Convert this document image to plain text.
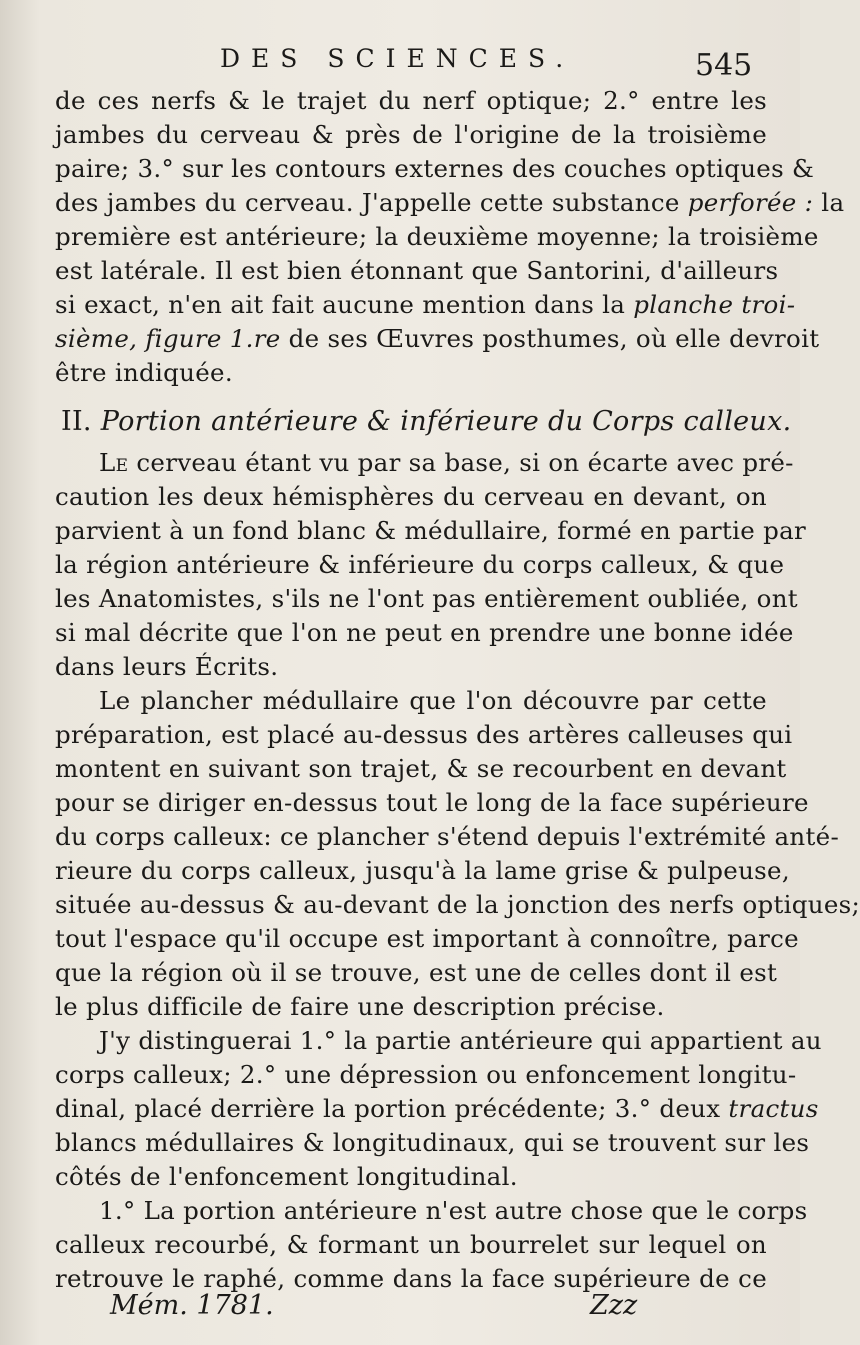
DES SCIENCES.	545
de ces nerfs & le trajet du nerf optique; 2.° entre les
jambes du cerveau & près de l'origine de la troisième
paire; 3.° sur les contours externes des couches optiques &
des jambes du cerveau. J'appelle cette substance perforée : la
première est antérieure; la deuxième moyenne; la troisième
est latérale. Il est bien étonnant que Santorini, d'ailleurs
si exact, n'en ait fait aucune mention dans la planche troi-
sième, figure 1.re de ses Œuvres posthumes, où elle devroit
être indiquée.
II. Portion antérieure & inférieure du Corps calleux.
Le cerveau étant vu par sa base, si on écarte avec pré-
caution les deux hémisphères du cerveau en devant, on
parvient à un fond blanc & médullaire, formé en partie par
la région antérieure & inférieure du corps calleux, & que
les Anatomistes, s'ils ne l'ont pas entièrement oubliée, ont
si mal décrite que l'on ne peut en prendre une bonne idée
dans leurs Écrits.
Le plancher médullaire que l'on découvre par cette
préparation, est placé au-dessus des artères calleuses qui
montent en suivant son trajet, & se recourbent en devant
pour se diriger en-dessus tout le long de la face supérieure
du corps calleux: ce plancher s'étend depuis l'extrémité anté-
rieure du corps calleux, jusqu'à la lame grise & pulpeuse,
située au-dessus & au-devant de la jonction des nerfs optiques;
tout l'espace qu'il occupe est important à connoître, parce
que la région où il se trouve, est une de celles dont il est
le plus difficile de faire une description précise.
J'y distinguerai 1.° la partie antérieure qui appartient au
corps calleux; 2.° une dépression ou enfoncement longitu-
dinal, placé derrière la portion précédente; 3.° deux tractus
blancs médullaires & longitudinaux, qui se trouvent sur les
côtés de l'enfoncement longitudinal.
1.° La portion antérieure n'est autre chose que le corps
calleux recourbé, & formant un bourrelet sur lequel on
retrouve le raphé, comme dans la face supérieure de ce
Mém. 1781.	Zzz
